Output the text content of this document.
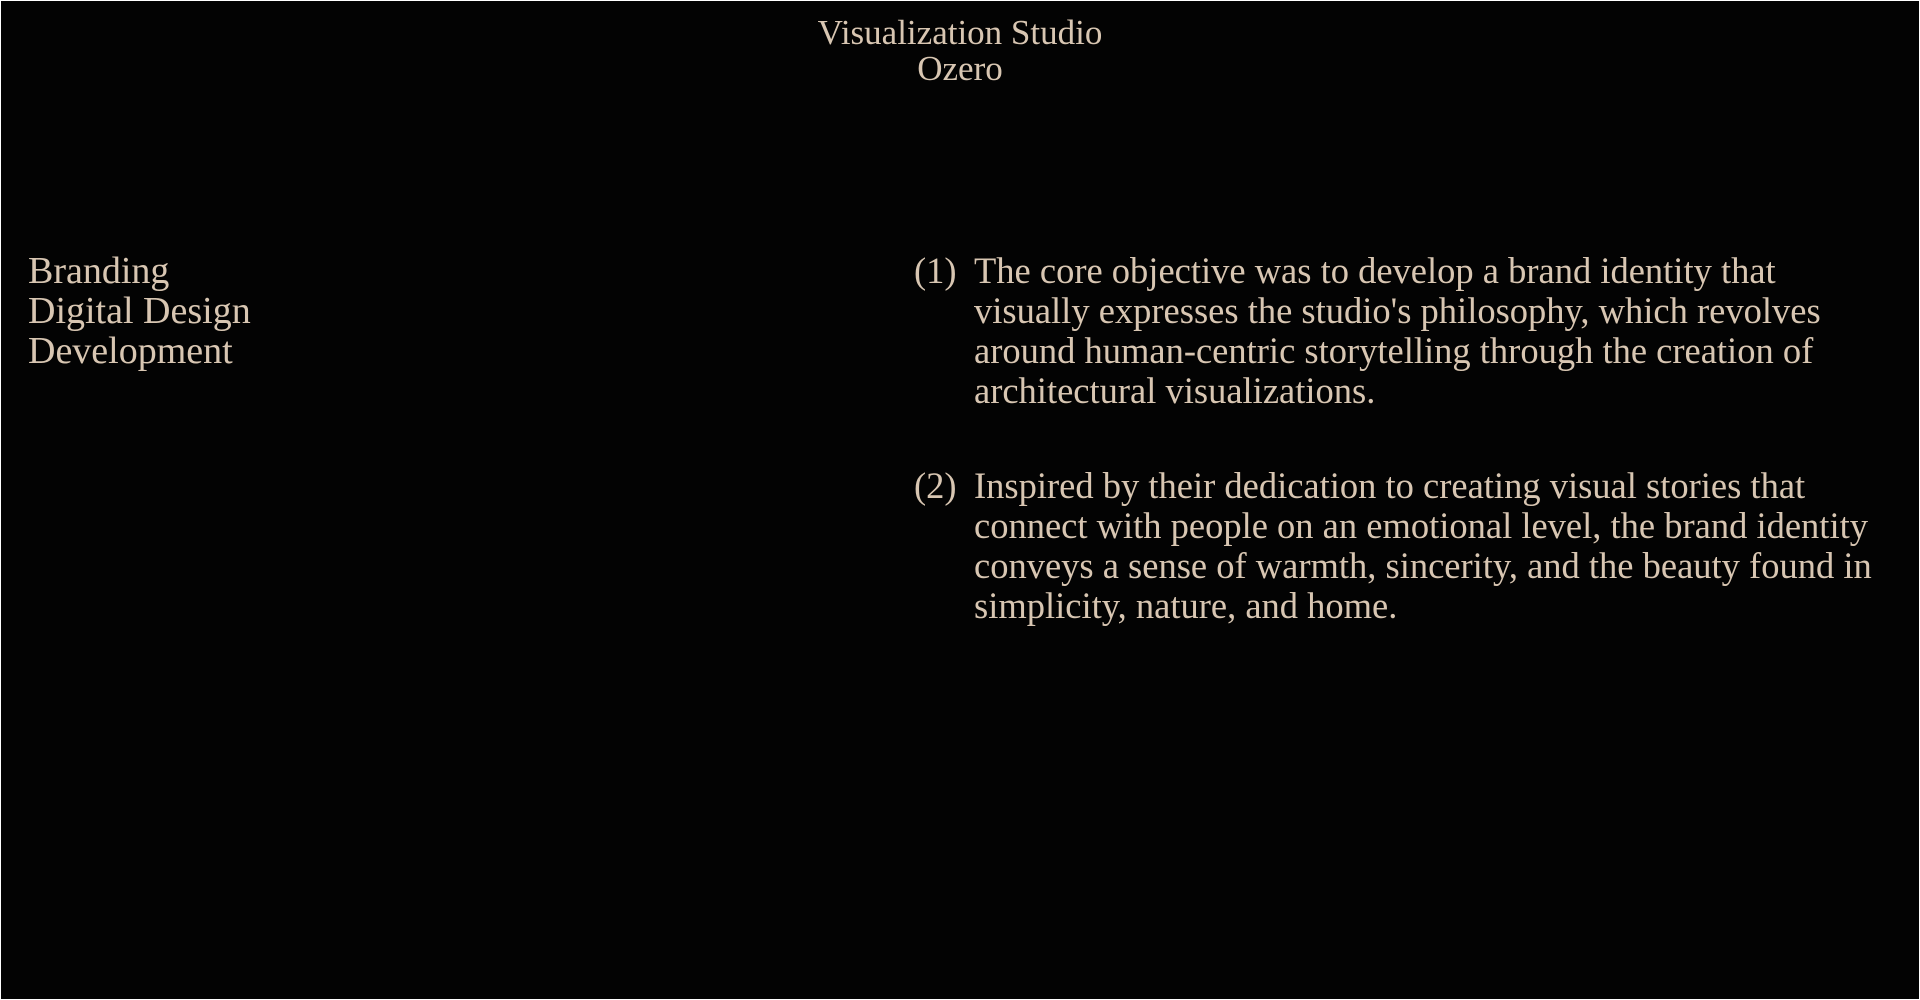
Visualization Studio
Ozero
Branding
Digital Design
Development
(1) The core objective was to develop a brand identity that visually expresses the studio's philosophy, which revolves around human-centric storytelling through the creation of architectural visualizations.
(2) Inspired by their dedication to creating visual stories that connect with people on an emotional level, the brand identity conveys a sense of warmth, sincerity, and the beauty found in simplicity, nature, and home.
